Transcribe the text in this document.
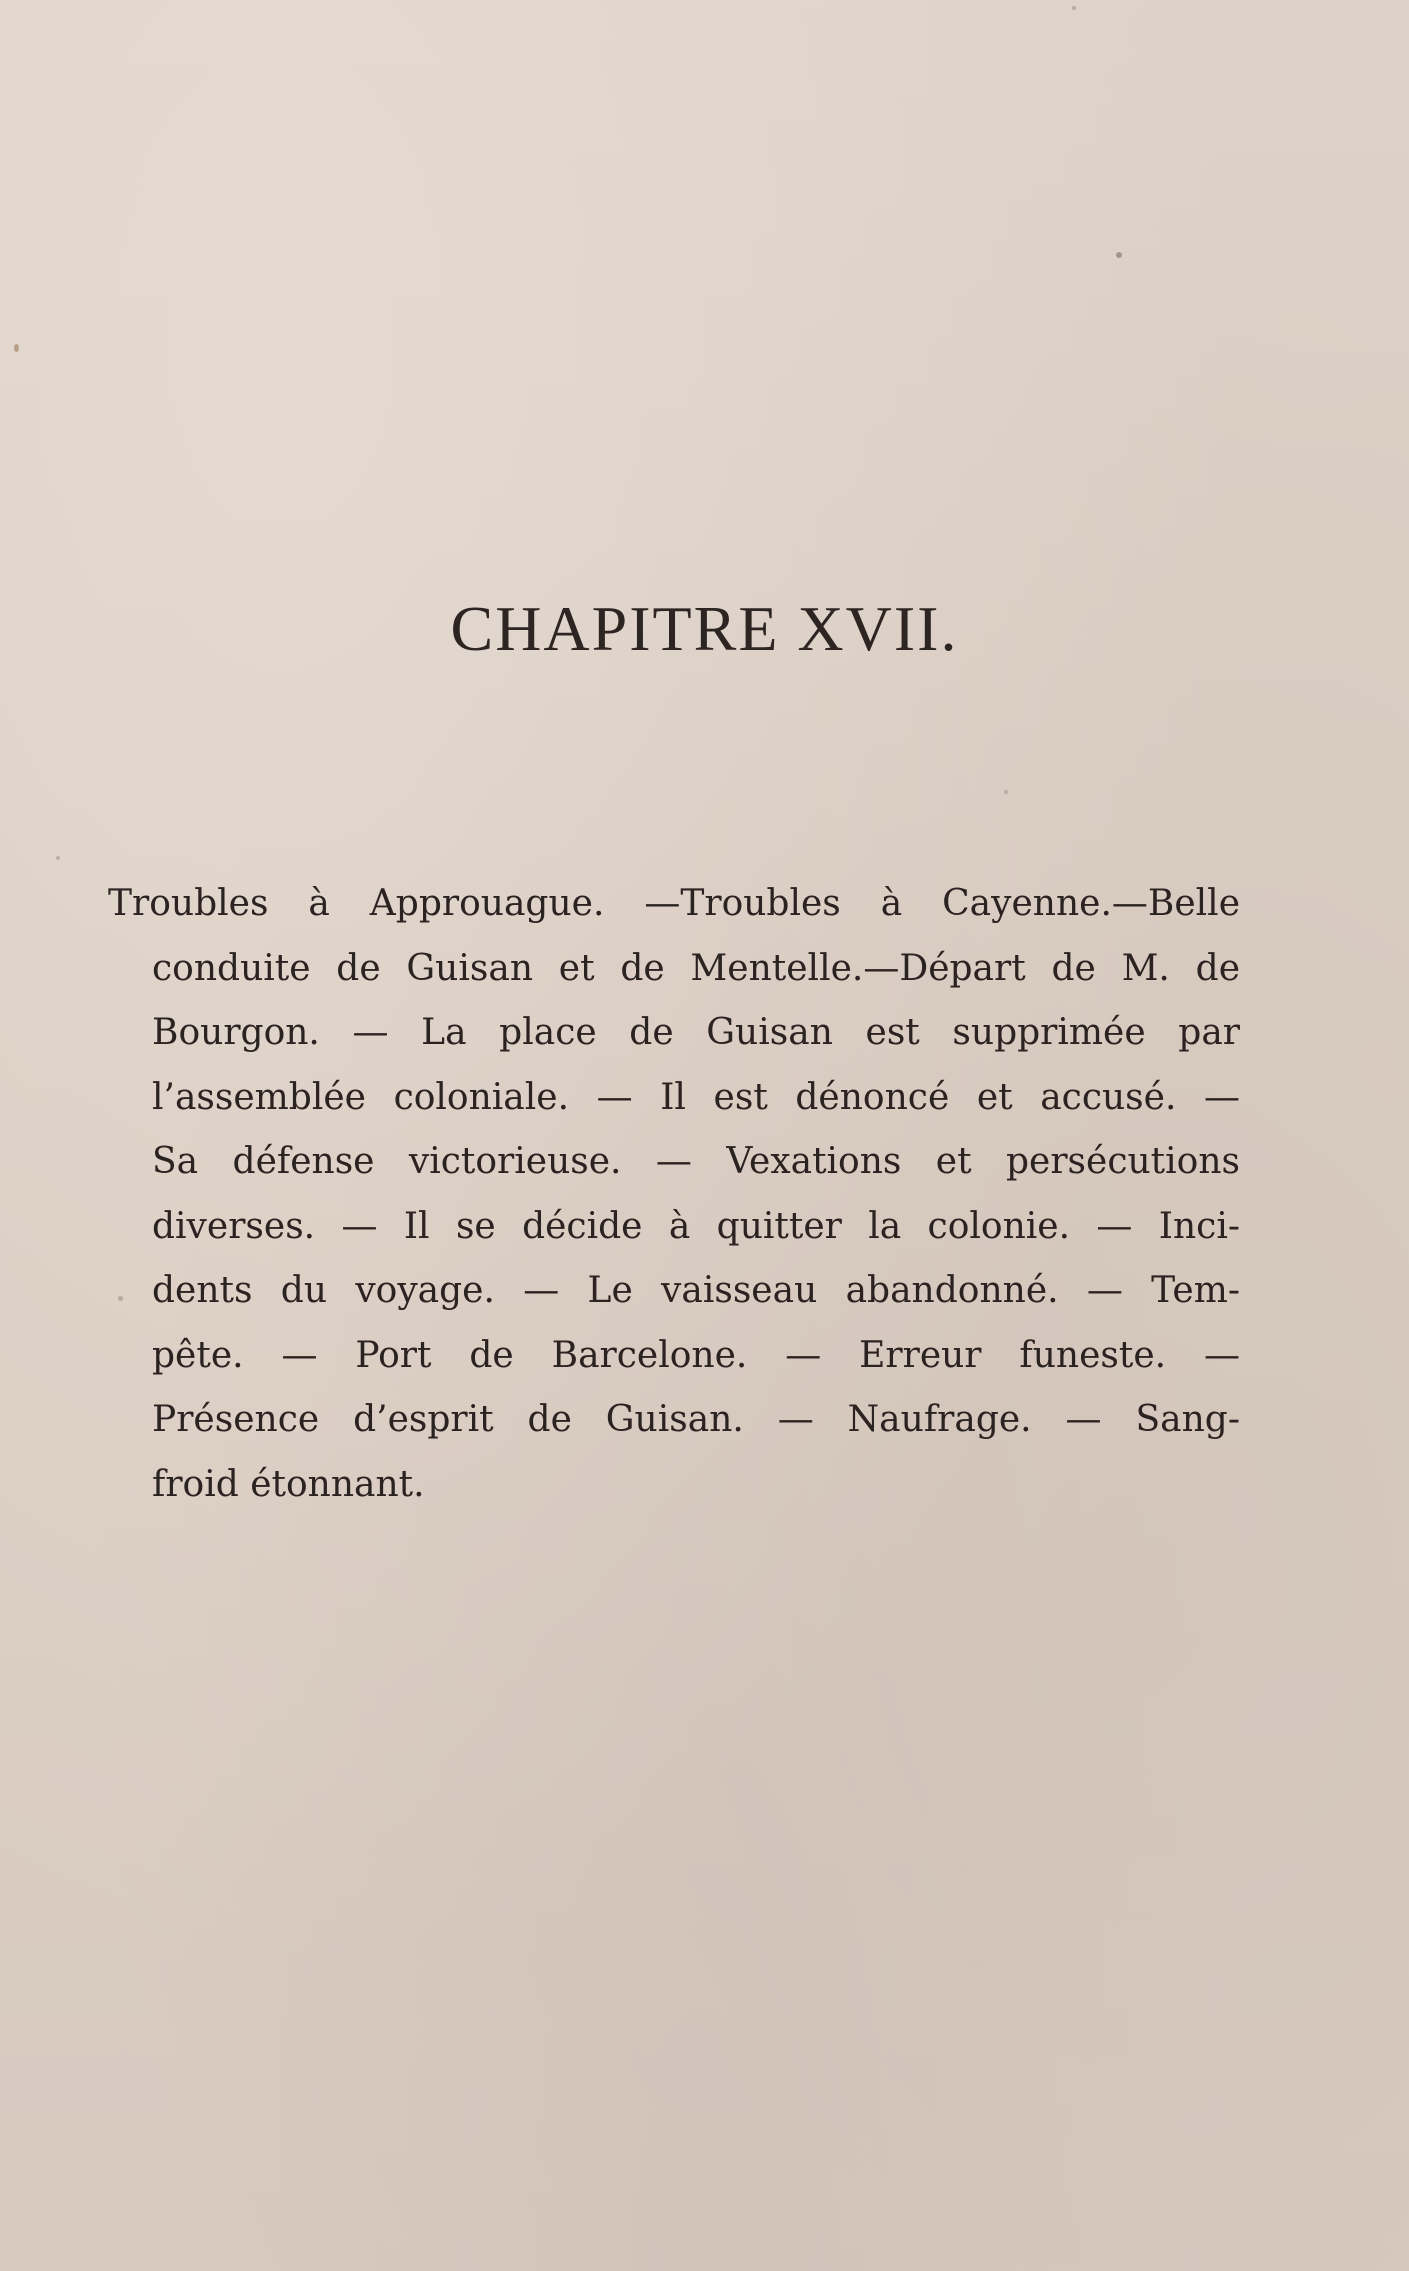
CHAPITRE XVII.
Troubles à Approuague. —Troubles à Cayenne.—Belle
conduite de Guisan et de Mentelle.—Départ de M. de
Bourgon. — La place de Guisan est supprimée par
l’assemblée coloniale. — Il est dénoncé et accusé. —
Sa défense victorieuse. — Vexations et persécutions
diverses. — Il se décide à quitter la colonie. — Inci-
dents du voyage. — Le vaisseau abandonné. — Tem-
pête. — Port de Barcelone. — Erreur funeste. —
Présence d’esprit de Guisan. — Naufrage. — Sang-
froid étonnant.
